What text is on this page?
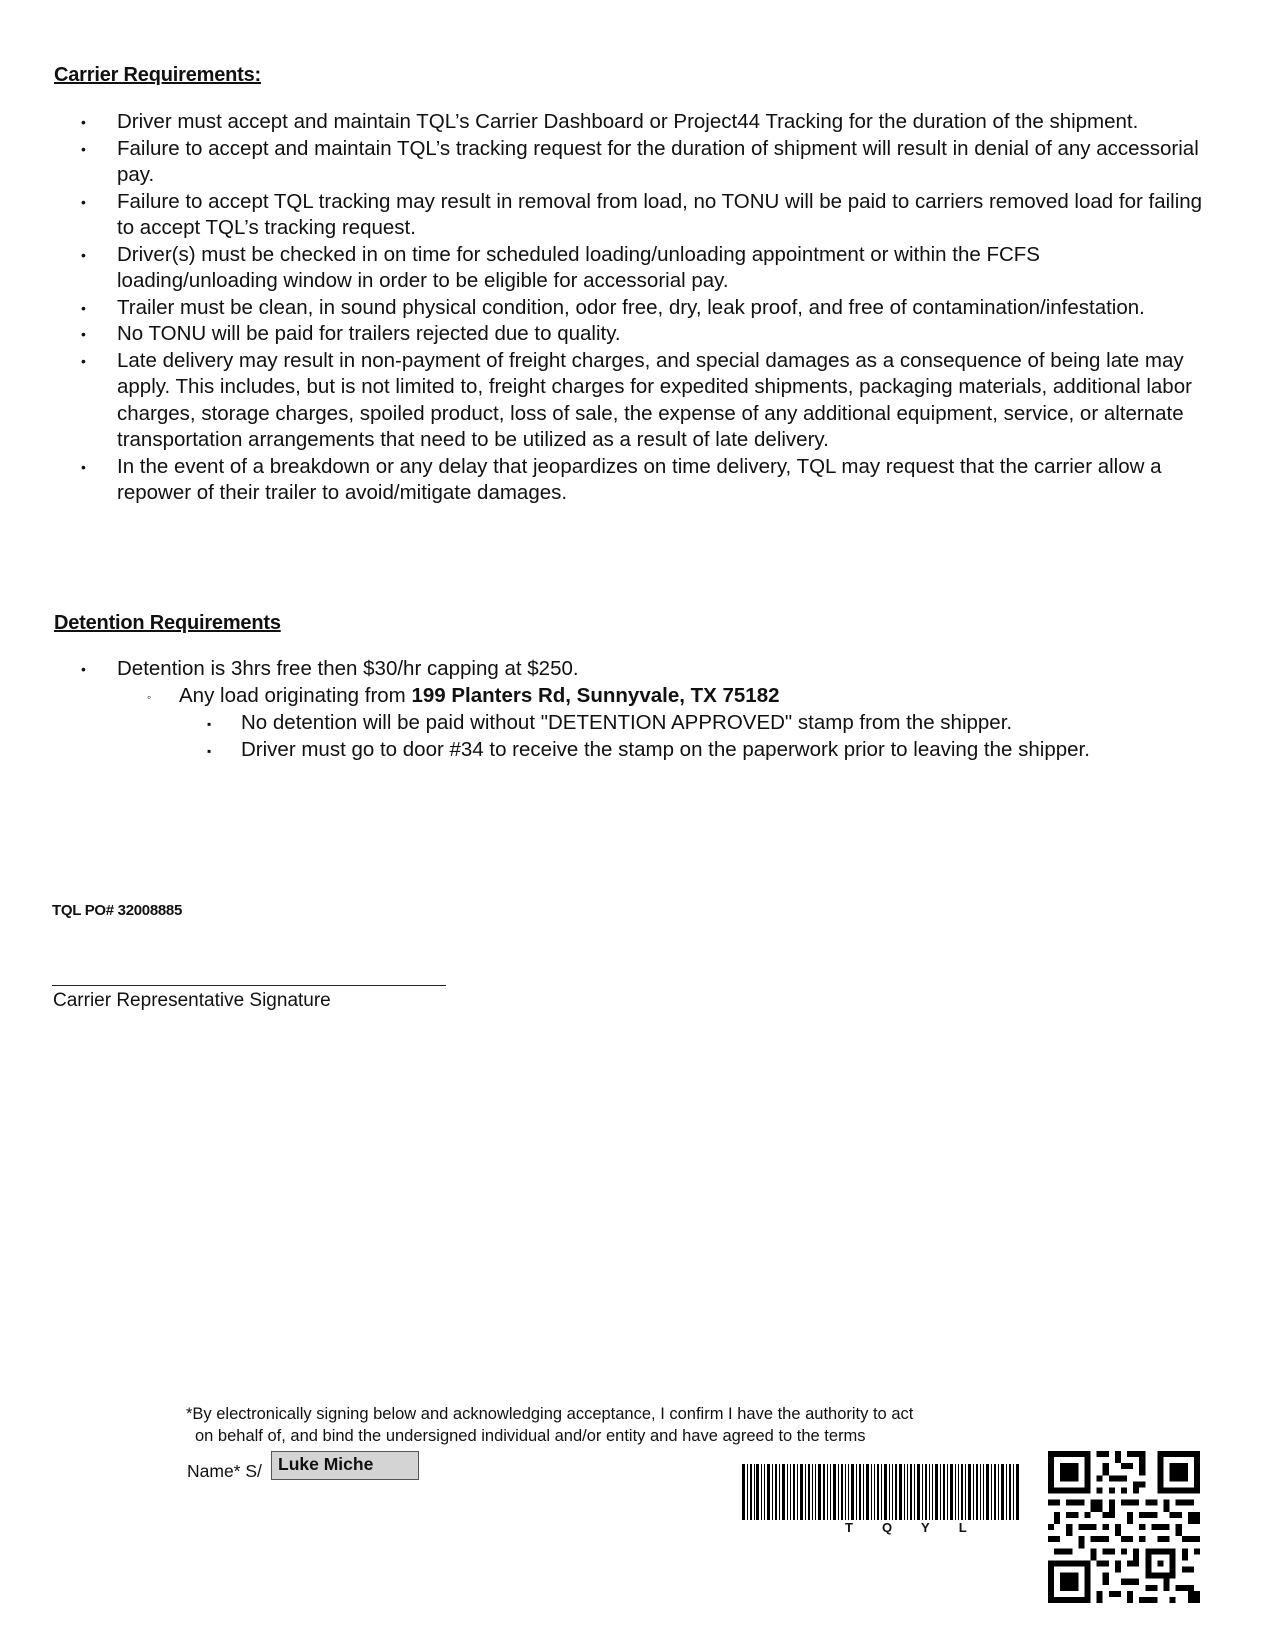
Carrier Requirements:
• Driver must accept and maintain TQL’s Carrier Dashboard or Project44 Tracking for the duration of the shipment.
• Failure to accept and maintain TQL’s tracking request for the duration of shipment will result in denial of any accessorial pay.
• Failure to accept TQL tracking may result in removal from load, no TONU will be paid to carriers removed load for failing to accept TQL’s tracking request.
• Driver(s) must be checked in on time for scheduled loading/unloading appointment or within the FCFS loading/unloading window in order to be eligible for accessorial pay.
• Trailer must be clean, in sound physical condition, odor free, dry, leak proof, and free of contamination/infestation.
• No TONU will be paid for trailers rejected due to quality.
• Late delivery may result in non-payment of freight charges, and special damages as a consequence of being late may apply. This includes, but is not limited to, freight charges for expedited shipments, packaging materials, additional labor charges, storage charges, spoiled product, loss of sale, the expense of any additional equipment, service, or alternate transportation arrangements that need to be utilized as a result of late delivery.
• In the event of a breakdown or any delay that jeopardizes on time delivery, TQL may request that the carrier allow a repower of their trailer to avoid/mitigate damages.
Detention Requirements
• Detention is 3hrs free then $30/hr capping at $250.
◦ Any load originating from 199 Planters Rd, Sunnyvale, TX 75182
▪ No detention will be paid without "DETENTION APPROVED" stamp from the shipper.
▪ Driver must go to door #34 to receive the stamp on the paperwork prior to leaving the shipper.
TQL PO# 32008885
Carrier Representative Signature
*By electronically signing below and acknowledging acceptance, I confirm I have the authority to act
on behalf of, and bind the undersigned individual and/or entity and have agreed to the terms
Name* S/ Luke Miche
TQYL
